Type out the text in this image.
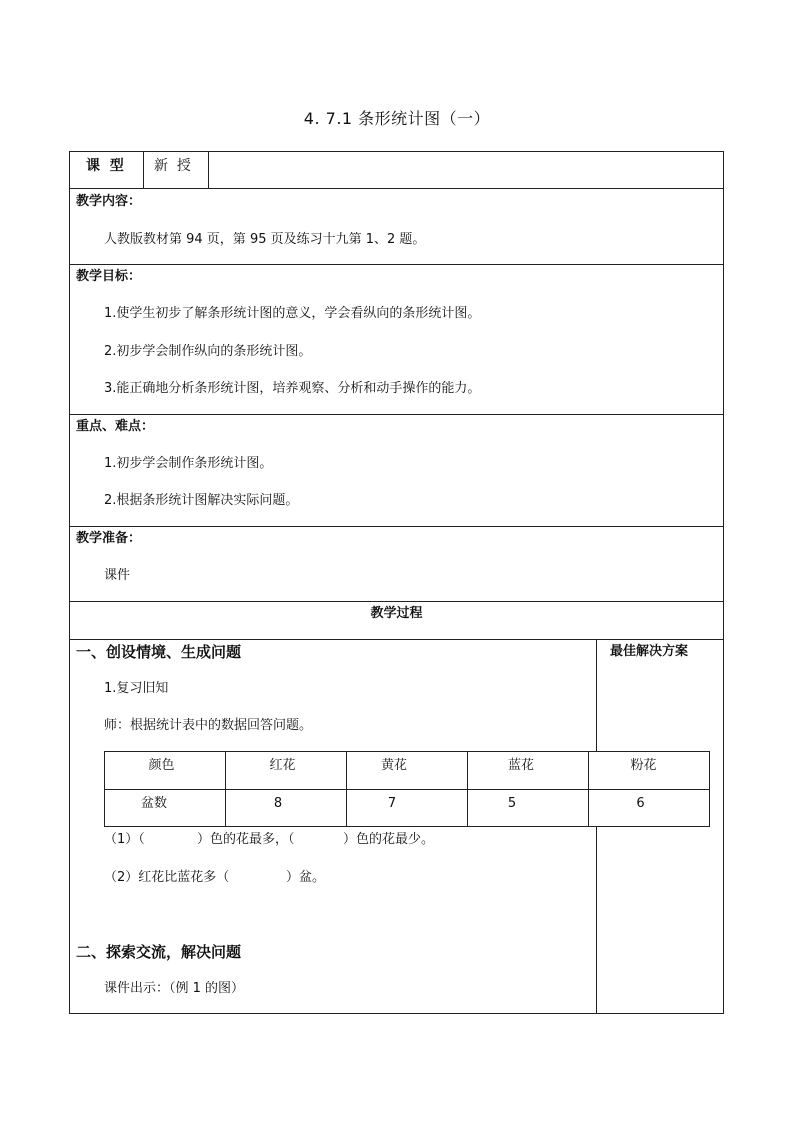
4. 7.1 条形统计图（一）
课  型 新  授
教学内容：
人教版教材第 94 页，第 95 页及练习十九第 1、2 题。
教学目标：
1.使学生初步了解条形统计图的意义，学会看纵向的条形统计图。
2.初步学会制作纵向的条形统计图。
3.能正确地分析条形统计图，培养观察、分析和动手操作的能力。
重点、难点：
1.初步学会制作条形统计图。
2.根据条形统计图解决实际问题。
教学准备：
课件
教学过程
一、创设情境、生成问题	最佳解决方案
1.复习旧知
师：根据统计表中的数据回答问题。
颜色	红花	黄花	蓝花	粉花
盆数	8	7	5	6
（1）（	）色的花最多，（	）色的花最少。
（2）红花比蓝花多（	）盆。
二、探索交流，解决问题
课件出示：（例 1 的图）
